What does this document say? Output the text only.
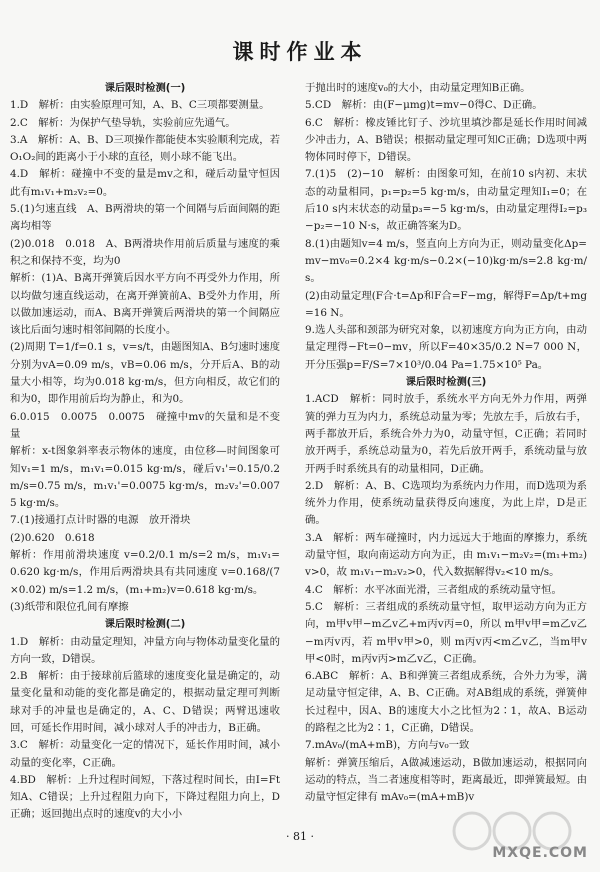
课时作业本
课后限时检测(一)
1.D　解析：由实验原理可知，A、B、C三项都要测量。
2.C　解析：为保护气垫导轨，实验前应先通气。
3.A　解析：A、B、D三项操作都能使本实验顺利完成，若O₁O₂间的距离小于小球的直径，则小球不能飞出。
4.D　解析：碰撞中不变的量是mv之和，碰后动量守恒因此有m₁v₁+m₂v₂=0。
5.(1)匀速直线　A、B两滑块的第一个间隔与后面间隔的距离均相等
(2)0.018　0.018　A、B两滑块作用前后质量与速度的乘积之和保持不变，均为0
解析：(1)A、B离开弹簧后因水平方向不再受外力作用，所以均做匀速直线运动，在离开弹簧前A、B受外力作用，所以做加速运动，而A、B离开弹簧后两滑块的第一个间隔应该比后面匀速时相邻间隔的长度小。
(2)周期 T=1/f=0.1 s，v=s/t，由题图知A、B匀速时速度分别为vA=0.09 m/s，vB=0.06 m/s，分开后A、B的动量大小相等，均为0.018 kg·m/s，但方向相反，故它们的和为0，即作用前后均为静止，和为0。
6.0.015　0.0075　0.0075　碰撞中mv的矢量和是不变量
解析：x-t图象斜率表示物体的速度，由位移—时间图象可知v₁=1 m/s，m₁v₁=0.015 kg·m/s，碰后v₁'=0.15/0.2 m/s=0.75 m/s，m₁v₁'=0.0075 kg·m/s，m₂v₂'=0.0075 kg·m/s。
7.(1)接通打点计时器的电源　放开滑块
(2)0.620　0.618
解析：作用前滑块速度 v=0.2/0.1 m/s=2 m/s，m₁v₁=0.620 kg·m/s，作用后两滑块具有共同速度 v=0.168/(7×0.02) m/s=1.2 m/s，(m₁+m₂)v=0.618 kg·m/s。
(3)纸带和限位孔间有摩擦
课后限时检测(二)
1.D　解析：由动量定理知，冲量方向与物体动量变化量的方向一致，D错误。
2.B　解析：由于接球前后篮球的速度变化量是确定的，动量变化量和动能的变化都是确定的，根据动量定理可判断球对手的冲量也是确定的，A、C、D错误；两臂迅速收回，可延长作用时间，减小球对人手的冲击力，B正确。
3.C　解析：动量变化一定的情况下，延长作用时间，减小动量的变化率，C正确。
4.BD　解析：上升过程时间短，下落过程时间长，由I=Ft知A、C错误；上升过程阻力向下，下降过程阻力向上，D正确；返回抛出点时的速度v的大小小
于抛出时的速度v₀的大小，由动量定理知B正确。
5.CD　解析：由(F−μmg)t=mv−0得C、D正确。
6.C　解析：橡皮锤比钉子、沙坑里填沙都是延长作用时间减少冲击力，A、B错误；根据动量定理可知C正确；D选项中两物体同时停下，D错误。
7.(1)5　(2)−10　解析：由图象可知，在前10 s内初、末状态的动量相同，p₁=p₂=5 kg·m/s，由动量定理知I₁=0；在后10 s内末状态的动量p₃=−5 kg·m/s，由动量定理得I₂=p₃−p₂=−10 N·s，故正确答案为D。
8.(1)由题知v=4 m/s，竖直向上方向为正，则动量变化Δp=mv−mv₀=0.2×4 kg·m/s−0.2×(−10)kg·m/s=2.8 kg·m/s。
(2)由动量定理(F合·t=Δp和F合=F−mg，解得F=Δp/t+mg=16 N。
9.选人头部和颈部为研究对象，以初速度方向为正方向，由动量定理得−Ft=0−mv，所以F=40×35/0.2 N=7 000 N，开分压强p=F/S=7×10³/0.04 Pa=1.75×10⁵ Pa。
课后限时检测(三)
1.ACD　解析：同时放手，系统水平方向无外力作用，两弹簧的弹力互为内力，系统总动量为零；先放左手，后放右手，两手都放开后，系统合外力为0，动量守恒，C正确；若同时放开两手，系统总动量为0，若先后放开两手，系统动量与放开两手时系统具有的动量相同，D正确。
2.D　解析：A、B、C选项均为系统内力作用，而D选项为系统外力作用，使系统动量获得反向速度，为此上岸，D是正确。
3.A　解析：两车碰撞时，内力远远大于地面的摩擦力，系统动量守恒，取向南运动方向为正，由 m₁v₁−m₂v₂=(m₁+m₂)v>0，故 m₁v₁−m₂v₂>0，代入数据解得v₂<10 m/s。
4.C　解析：水平冰面光滑，三者组成的系统动量守恒。
5.C　解析：三者组成的系统动量守恒，取甲运动方向为正方向，m甲v甲−m乙v乙+m丙v丙=0，所以 m甲v甲=m乙v乙−m丙v丙，若 m甲v甲>0，则 m丙v丙<m乙v乙，当m甲v甲<0时，m丙v丙>m乙v乙，C正确。
6.ABC　解析：A、B和弹簧三者组成系统，合外力为零，满足动量守恒定律，A、B、C正确。对AB组成的系统，弹簧伸长过程中，因A、B的速度大小之比恒为2∶1，故A、B运动的路程之比为2∶1，C正确，D错误。
7.mAv₀/(mA+mB)，方向与v₀一致
解析：弹簧压缩后，A做减速运动，B做加速运动，根据同向运动的特点，当二者速度相等时，距离最近，即弹簧最短。由动量守恒定律有 mAv₀=(mA+mB)v
· 81 ·
MXQE.COM
